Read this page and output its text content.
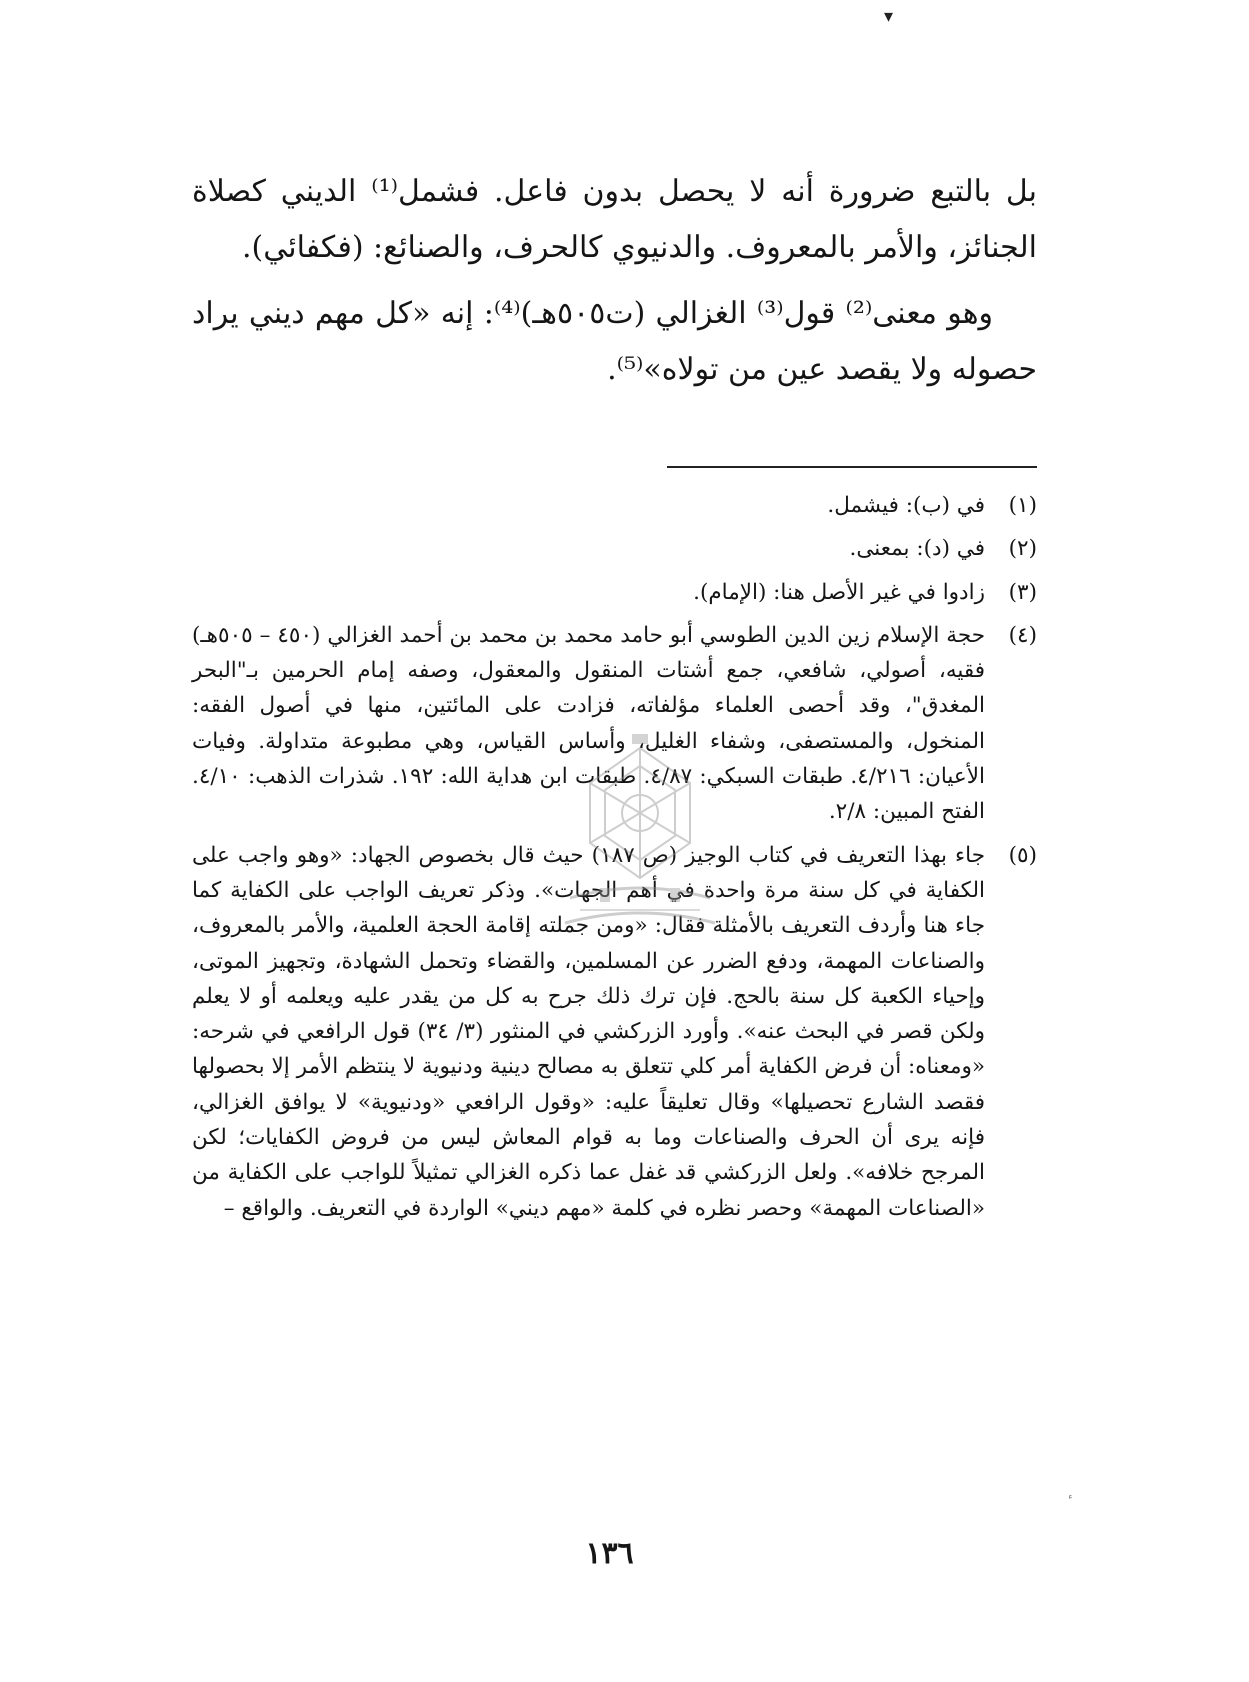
▾

بل بالتبع ضرورة أنه لا يحصل بدون فاعل. فشمل⁽¹⁾ الديني كصلاة الجنائز، والأمر بالمعروف. والدنيوي كالحرف، والصنائع: (فكفائي).

وهو معنى⁽²⁾ قول⁽³⁾ الغزالي (ت٥٠٥هـ)⁽⁴⁾: إنه «كل مهم ديني يراد حصوله ولا يقصد عين من تولاه»⁽⁵⁾.

(١)
في (ب): فيشمل.
(٢)
في (د): بمعنى.
(٣)
زادوا في غير الأصل هنا: (الإمام).
(٤)
حجة الإسلام زين الدين الطوسي أبو حامد محمد بن محمد بن أحمد الغزالي (٤٥٠ – ٥٠٥هـ) فقيه، أصولي، شافعي، جمع أشتات المنقول والمعقول، وصفه إمام الحرمين بـ"البحر المغدق"، وقد أحصى العلماء مؤلفاته، فزادت على المائتين، منها في أصول الفقه: المنخول، والمستصفى، وشفاء الغليل، وأساس القياس، وهي مطبوعة متداولة. وفيات الأعيان: ٤/٢١٦. طبقات السبكي: ٤/٨٧. طبقات ابن هداية الله: ١٩٢. شذرات الذهب: ٤/١٠. الفتح المبين: ٢/٨.
(٥)
جاء بهذا التعريف في كتاب الوجيز (ص ١٨٧) حيث قال بخصوص الجهاد: «وهو واجب على الكفاية في كل سنة مرة واحدة في أهم الجهات». وذكر تعريف الواجب على الكفاية كما جاء هنا وأردف التعريف بالأمثلة فقال: «ومن جملته إقامة الحجة العلمية، والأمر بالمعروف، والصناعات المهمة، ودفع الضرر عن المسلمين، والقضاء وتحمل الشهادة، وتجهيز الموتى، وإحياء الكعبة كل سنة بالحج. فإن ترك ذلك جرح به كل من يقدر عليه ويعلمه أو لا يعلم ولكن قصر في البحث عنه». وأورد الزركشي في المنثور (٣/ ٣٤) قول الرافعي في شرحه: «ومعناه: أن فرض الكفاية أمر كلي تتعلق به مصالح دينية ودنيوية لا ينتظم الأمر إلا بحصولها فقصد الشارع تحصيلها» وقال تعليقاً عليه: «وقول الرافعي «ودنيوية» لا يوافق الغزالي، فإنه يرى أن الحرف والصناعات وما به قوام المعاش ليس من فروض الكفايات؛ لكن المرجح خلافه». ولعل الزركشي قد غفل عما ذكره الغزالي تمثيلاً للواجب على الكفاية من «الصناعات المهمة» وحصر نظره في كلمة «مهم ديني» الواردة في التعريف. والواقع –
١٣٦
ٴ
